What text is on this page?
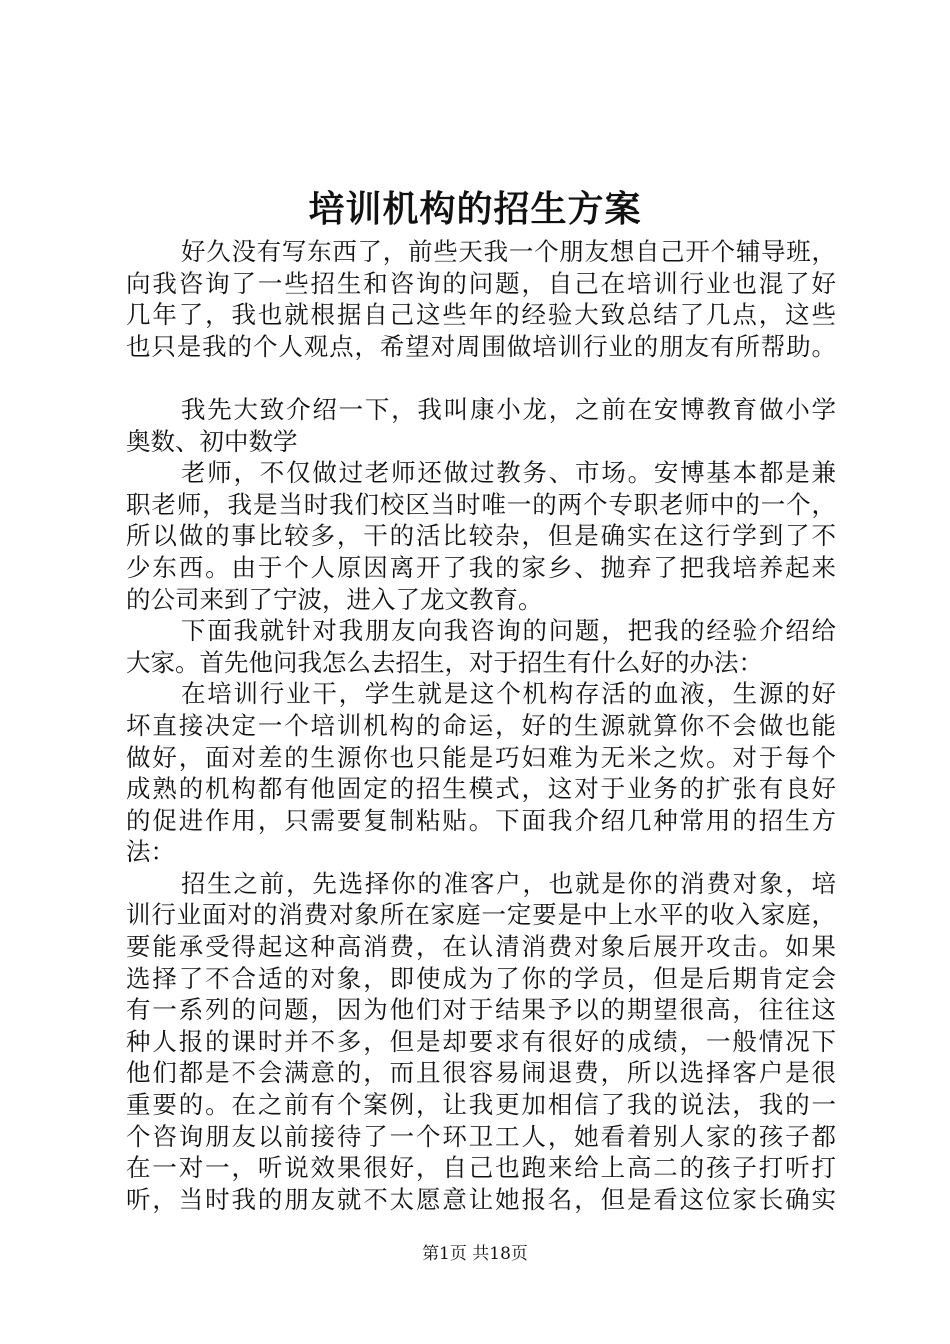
培训机构的招生方案
好久没有写东西了，前些天我一个朋友想自己开个辅导班，
向我咨询了一些招生和咨询的问题，自己在培训行业也混了好
几年了，我也就根据自己这些年的经验大致总结了几点，这些
也只是我的个人观点，希望对周围做培训行业的朋友有所帮助。
我先大致介绍一下，我叫康小龙，之前在安博教育做小学
奥数、初中数学
老师，不仅做过老师还做过教务、市场。安博基本都是兼
职老师，我是当时我们校区当时唯一的两个专职老师中的一个，
所以做的事比较多，干的活比较杂，但是确实在这行学到了不
少东西。由于个人原因离开了我的家乡、抛弃了把我培养起来
的公司来到了宁波，进入了龙文教育。
下面我就针对我朋友向我咨询的问题，把我的经验介绍给
大家。首先他问我怎么去招生，对于招生有什么好的办法：
在培训行业干，学生就是这个机构存活的血液，生源的好
坏直接决定一个培训机构的命运，好的生源就算你不会做也能
做好，面对差的生源你也只能是巧妇难为无米之炊。对于每个
成熟的机构都有他固定的招生模式，这对于业务的扩张有良好
的促进作用，只需要复制粘贴。下面我介绍几种常用的招生方
法：
招生之前，先选择你的准客户，也就是你的消费对象，培
训行业面对的消费对象所在家庭一定要是中上水平的收入家庭，
要能承受得起这种高消费，在认清消费对象后展开攻击。如果
选择了不合适的对象，即使成为了你的学员，但是后期肯定会
有一系列的问题，因为他们对于结果予以的期望很高，往往这
种人报的课时并不多，但是却要求有很好的成绩，一般情况下
他们都是不会满意的，而且很容易闹退费，所以选择客户是很
重要的。在之前有个案例，让我更加相信了我的说法，我的一
个咨询朋友以前接待了一个环卫工人，她看着别人家的孩子都
在一对一，听说效果很好，自己也跑来给上高二的孩子打听打
听，当时我的朋友就不太愿意让她报名，但是看这位家长确实
第1页 共18页
